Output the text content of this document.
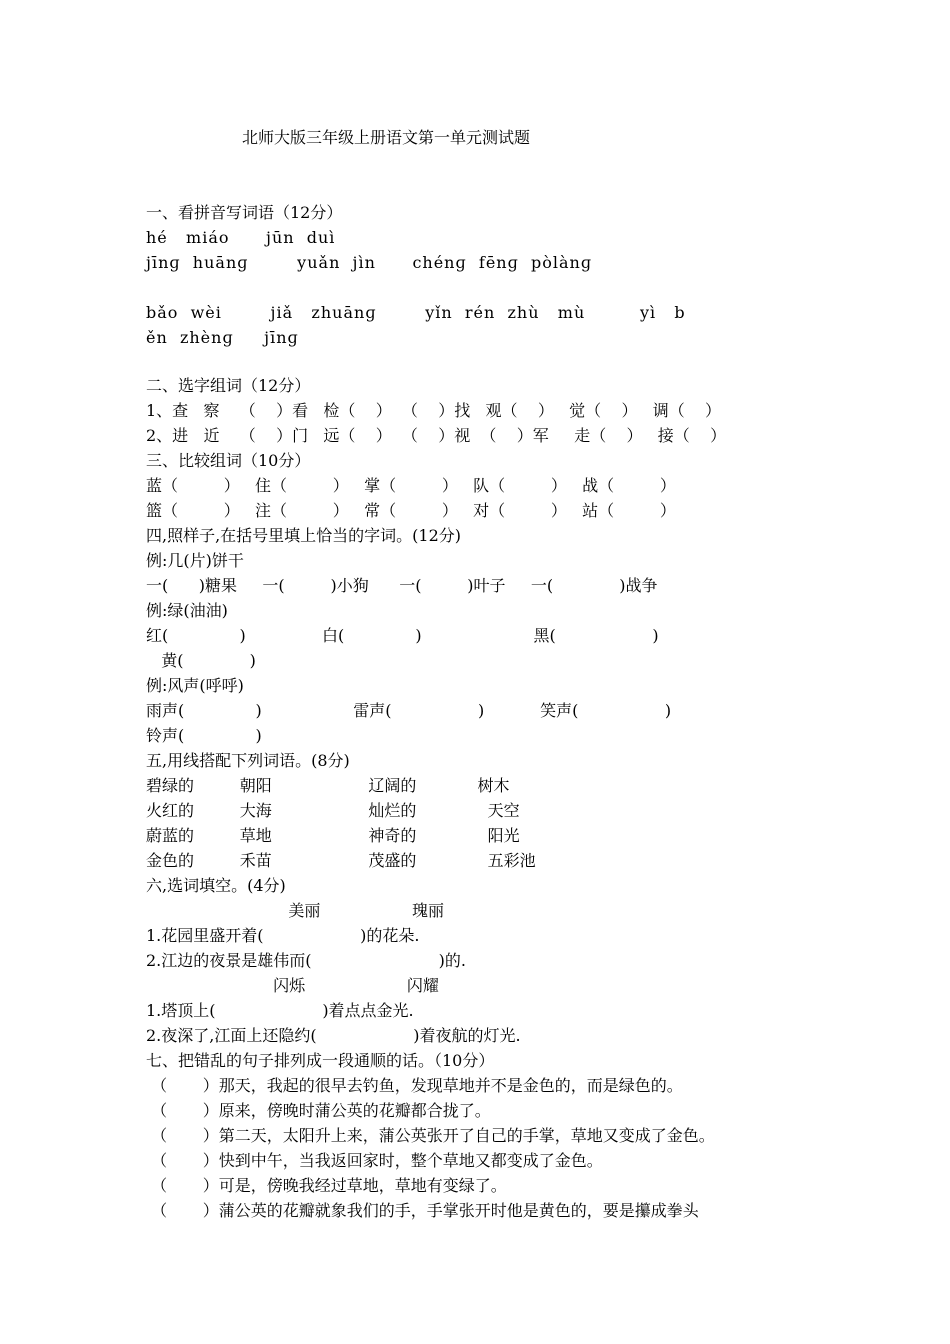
北师大版三年级上册语文第一单元测试题
一、看拼音写词语（12分）
hé   miáo      jūn  duì
jīnɡ  huānɡ        yuǎn  jìn      chénɡ  fēnɡ  pòlànɡ
bǎo  wèi        jiǎ   zhuānɡ        yǐn  rén  zhù   mù         yì   b
ěn  zhènɡ     jīnɡ
二、选字组词（12分）
1、查   察    （    ）看   检（    ）  （    ）找   观（    ）   觉（    ）   调（    ）
2、进   近    （    ）门   远（    ）  （    ）视  （    ）军     走（    ）   接（    ）
三、比较组词（10分）
蓝（         ）   住（         ）   掌（         ）   队（         ）   战（         ）
篮（         ）   注（         ）   常（         ）   对（         ）   站（         ）
四,照样子,在括号里填上恰当的字词。(12分)
例:几(片)饼干
一(      )糖果     一(         )小狗      一(         )叶子     一(             )战争
例:绿(油油)
红(              )               白(              )                      黑(                   )
黄(             )
例:风声(呼呼)
雨声(              )                  雷声(                 )           笑声(                 )
铃声(              )
五,用线搭配下列词语。(8分)
碧绿的         朝阳                   辽阔的            树木
火红的         大海                   灿烂的              天空
蔚蓝的         草地                   神奇的              阳光
金色的         禾苗                   茂盛的              五彩池
六,选词填空。(4分)
美丽                  瑰丽
1.花园里盛开着(                   )的花朵.
2.江边的夜景是雄伟而(                         )的.
闪烁                    闪耀
1.塔顶上(                     )着点点金光.
2.夜深了,江面上还隐约(                   )着夜航的灯光.
七、把错乱的句子排列成一段通顺的话。（10分）
（       ）那天，我起的很早去钓鱼，发现草地并不是金色的，而是绿色的。
（       ）原来，傍晚时蒲公英的花瓣都合拢了。
（       ）第二天，太阳升上来，蒲公英张开了自己的手掌，草地又变成了金色。
（       ）快到中午，当我返回家时，整个草地又都变成了金色。
（       ）可是，傍晚我经过草地，草地有变绿了。
（       ）蒲公英的花瓣就象我们的手，手掌张开时他是黄色的，要是攥成拳头
